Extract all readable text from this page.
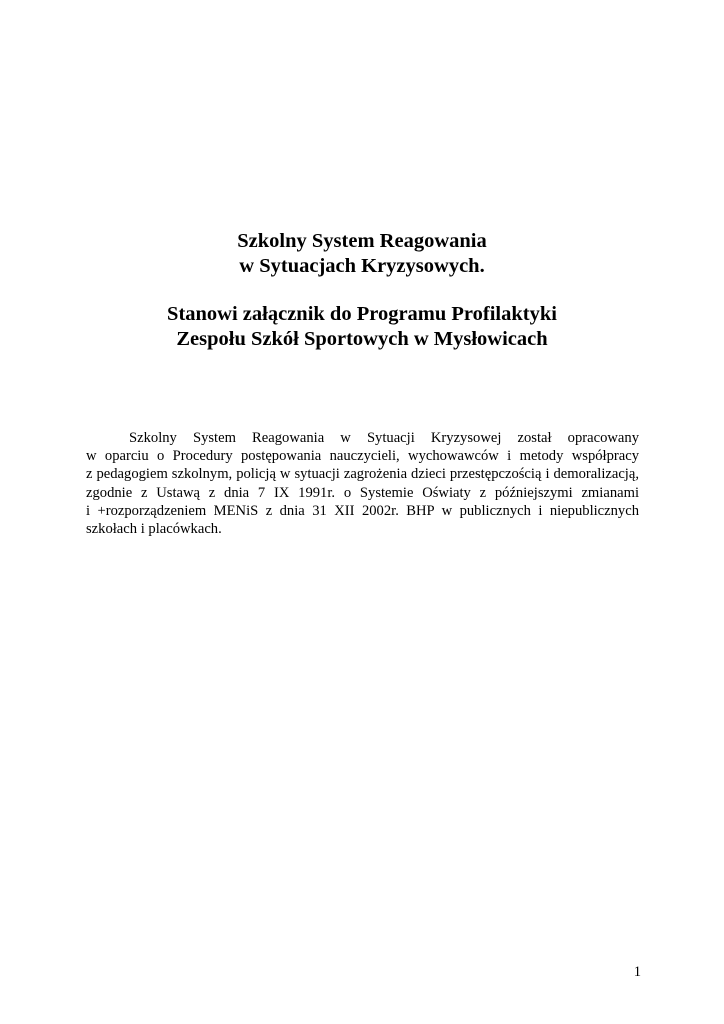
Szkolny System Reagowania
w Sytuacjach Kryzysowych.
Stanowi załącznik do Programu Profilaktyki
Zespołu Szkół Sportowych w Mysłowicach
Szkolny System Reagowania w Sytuacji Kryzysowej został opracowany
w oparciu o Procedury postępowania nauczycieli, wychowawców i metody współpracy
z pedagogiem szkolnym, policją w sytuacji zagrożenia dzieci przestępczością i demoralizacją,
zgodnie z Ustawą z dnia 7 IX 1991r. o Systemie Oświaty z późniejszymi zmianami
i +rozporządzeniem MENiS z dnia 31 XII 2002r. BHP w publicznych i niepublicznych
szkołach i placówkach.
1
